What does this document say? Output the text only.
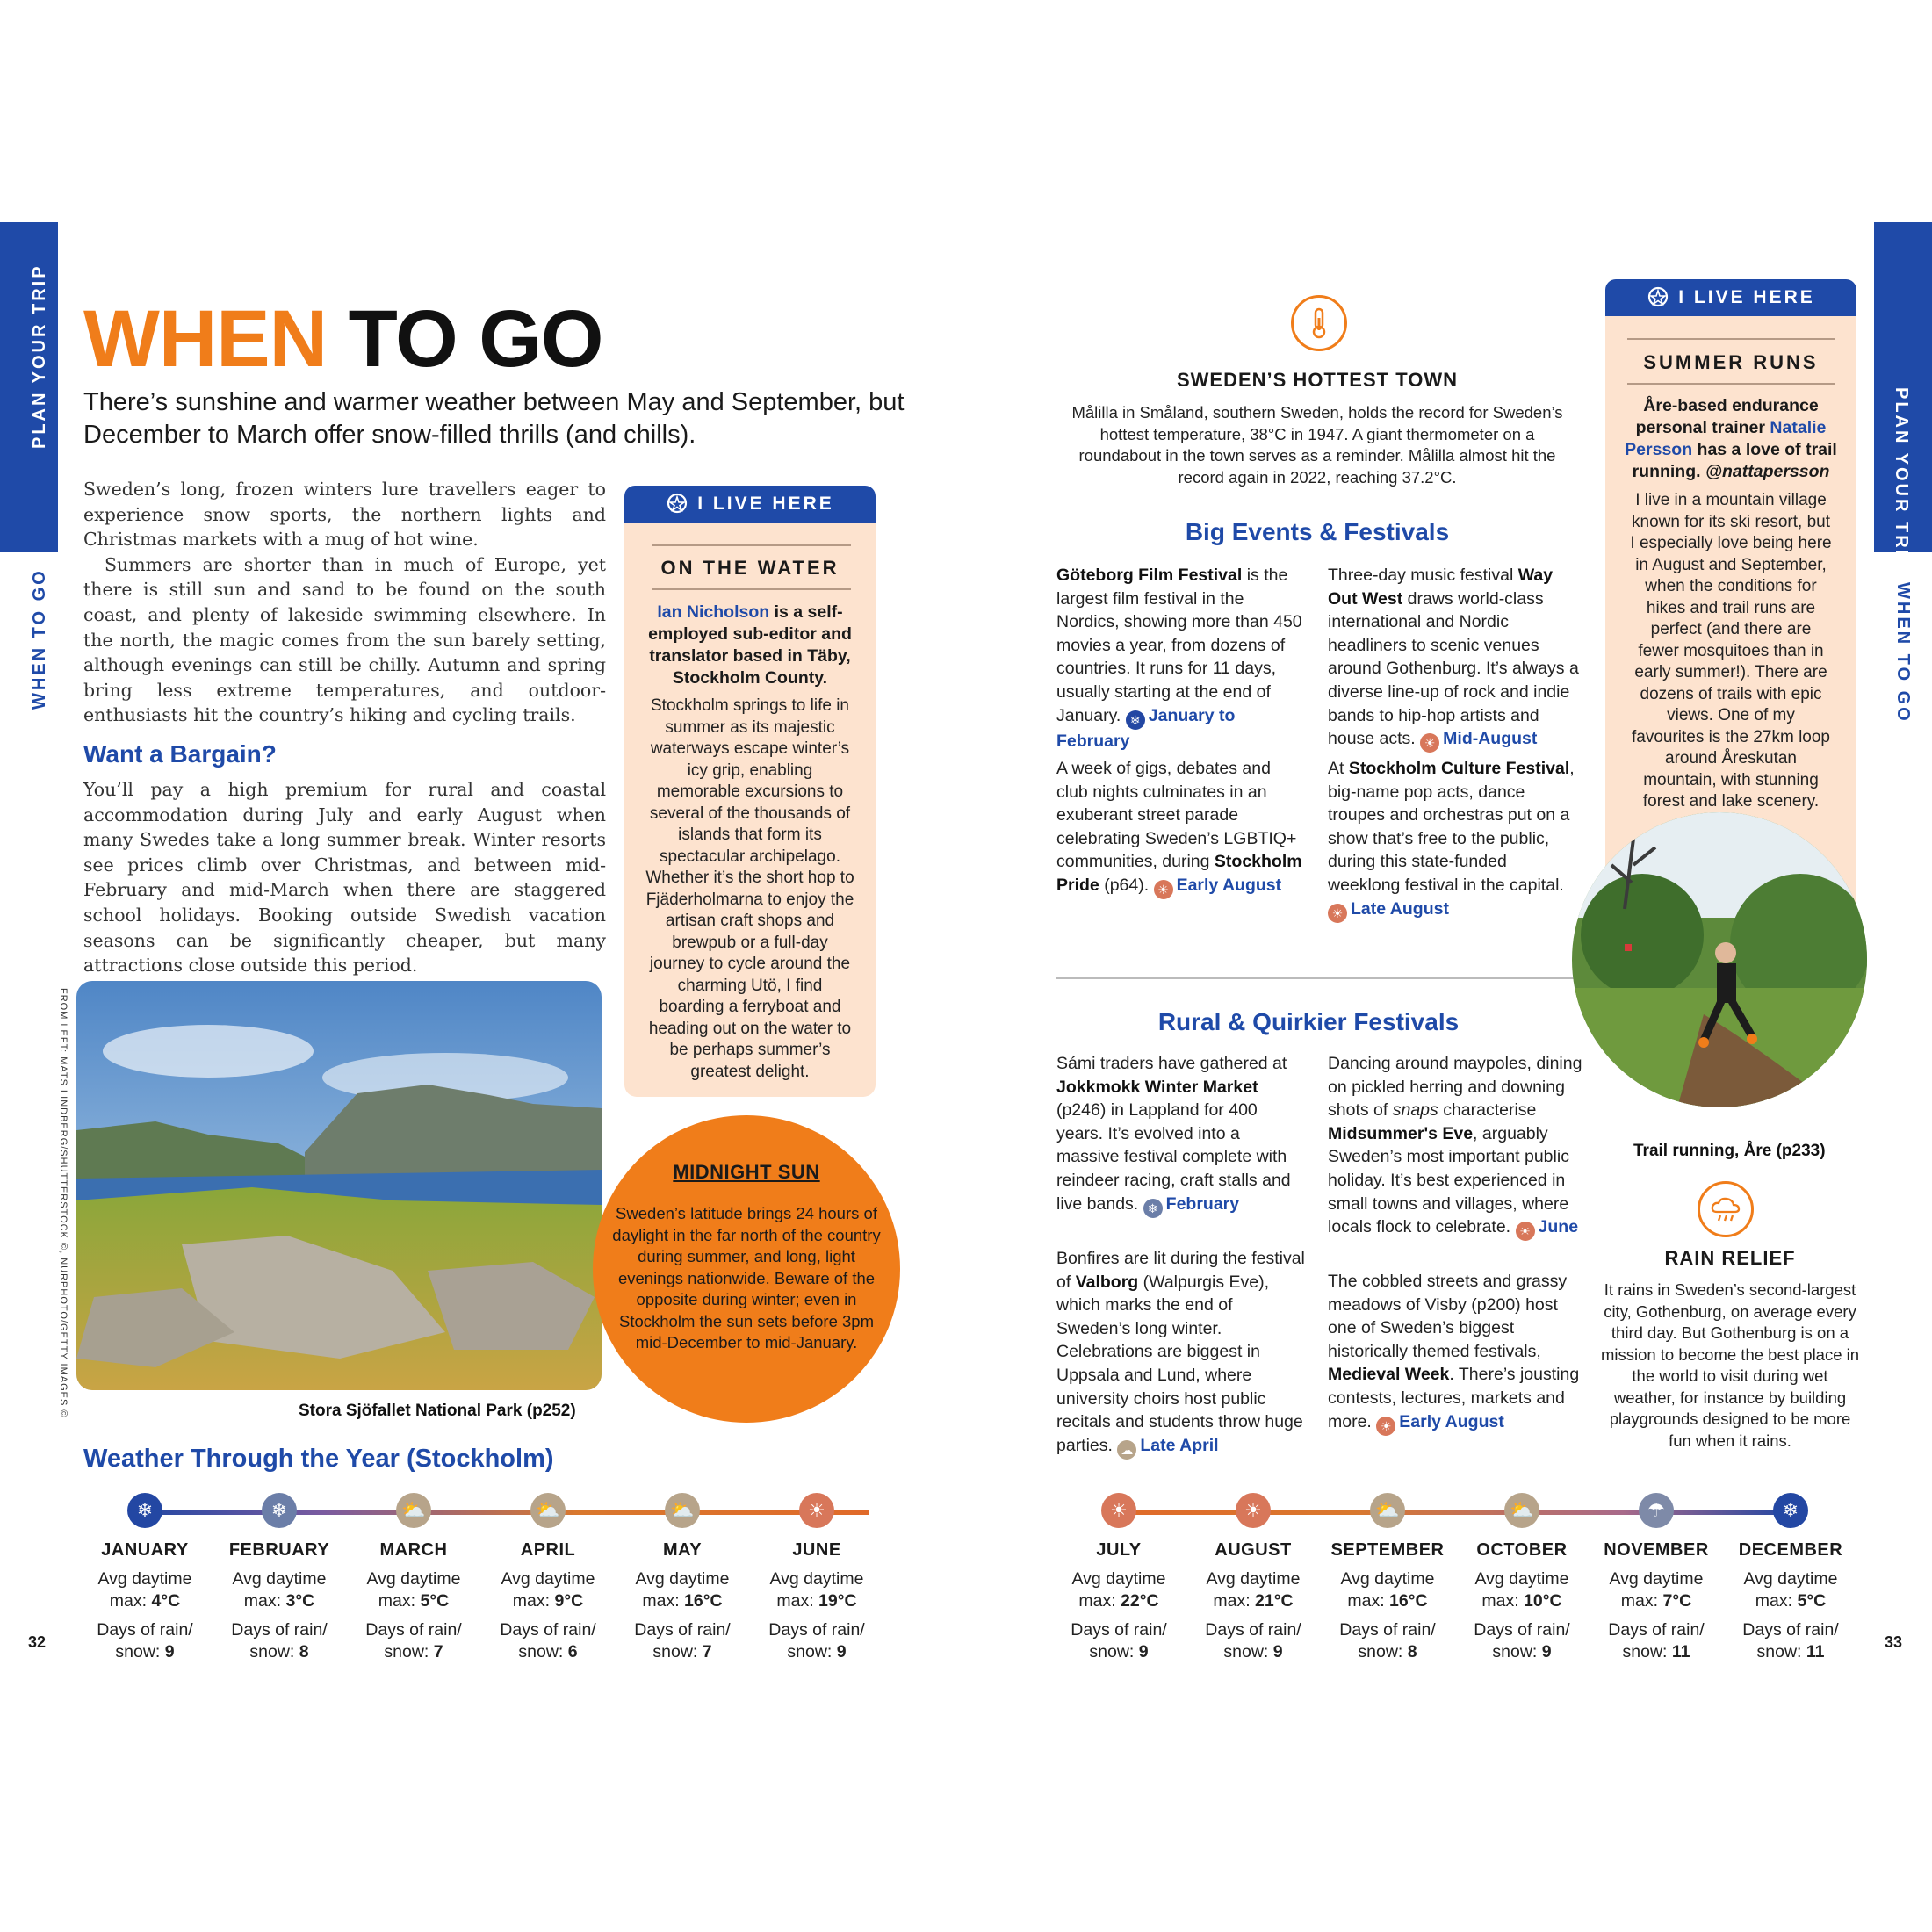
PLAN YOUR TRIP
WHEN TO GO
PLAN YOUR TRIP
WHEN TO GO
WHEN TO GO
There’s sunshine and warmer weather between May and September, but December to March offer snow-filled thrills (and chills).
Sweden’s long, frozen winters lure travellers eager to experience snow sports, the northern lights and Christmas markets with a mug of hot wine.
Summers are shorter than in much of Europe, yet there is still sun and sand to be found on the south coast, and plenty of lakeside swimming elsewhere. In the north, the magic comes from the sun barely setting, although evenings can still be chilly. Autumn and spring bring less extreme temperatures, and outdoor-enthusiasts hit the country’s hiking and cycling trails.
Want a Bargain?
You’ll pay a high premium for rural and coastal accommodation during July and early August when many Swedes take a long summer break. Winter resorts see prices climb over Christmas, and between mid-February and mid-March when there are staggered school holidays. Booking outside Swedish vacation seasons can be significantly cheaper, but many attractions close outside this period.
I LIVE HERE
ON THE WATER
Ian Nicholson is a self-employed sub-editor and translator based in Täby, Stockholm County.
Stockholm springs to life in summer as its majestic waterways escape winter’s icy grip, enabling memorable excursions to several of the thousands of islands that form its spectacular archipelago. Whether it’s the short hop to Fjäderholmarna to enjoy the artisan craft shops and brewpub or a full-day journey to cycle around the charming Utö, I find boarding a ferryboat and heading out on the water to be perhaps summer’s greatest delight.
Stora Sjöfallet National Park (p252)
FROM LEFT: MATS LINDBERG/SHUTTERSTOCK ©, NURPHOTO/GETTY IMAGES ©	MIDNIGHT SUN
Sweden’s latitude brings 24 hours of daylight in the far north of the country during summer, and long, light evenings nationwide. Beware of the opposite during winter; even in Stockholm the sun sets before 3pm mid-December to mid-January.
SWEDEN’S HOTTEST TOWN
Målilla in Småland, southern Sweden, holds the record for Sweden’s hottest temperature, 38°C in 1947. A giant thermometer on a roundabout in the town serves as a reminder. Målilla almost hit the record again in 2022, reaching 37.2°C.
Big Events & Festivals
Göteborg Film Festival is the largest film festival in the Nordics, showing more than 450 movies a year, from dozens of countries. It runs for 11 days, usually starting at the end of January. ❄ January to February
A week of gigs, debates and club nights culminates in an exuberant street parade celebrating Sweden’s LGBTIQ+ communities, during Stockholm Pride (p64). ☀ Early August
Three-day music festival Way Out West draws world-class international and Nordic headliners to scenic venues around Gothenburg. It’s always a diverse line-up of rock and indie bands to hip-hop artists and house acts. ☀ Mid-August
At Stockholm Culture Festival, big-name pop acts, dance troupes and orchestras put on a show that’s free to the public, during this state-funded weeklong festival in the capital. ☀ Late August
Rural & Quirkier Festivals
Sámi traders have gathered at Jokkmokk Winter Market (p246) in Lappland for 400 years. It’s evolved into a massive festival complete with reindeer racing, craft stalls and live bands. ❄ February
Bonfires are lit during the festival of Valborg (Walpurgis Eve), which marks the end of Sweden’s long winter. Celebrations are biggest in Uppsala and Lund, where university choirs host public recitals and students throw huge parties. ☁ Late April
Dancing around maypoles, dining on pickled herring and downing shots of snaps characterise Midsummer's Eve, arguably Sweden’s most important public holiday. It’s best experienced in small towns and villages, where locals flock to celebrate. ☀ June
The cobbled streets and grassy meadows of Visby (p200) host one of Sweden’s biggest historically themed festivals, Medieval Week. There’s jousting contests, lectures, markets and more. ☀ Early August
I LIVE HERE
SUMMER RUNS
Åre-based endurance personal trainer Natalie Persson has a love of trail running. @nattapersson
I live in a mountain village known for its ski resort, but I especially love being here in August and September, when the conditions for hikes and trail runs are perfect (and there are fewer mosquitoes than in early summer!). There are dozens of trails with epic views. One of my favourites is the 27km loop around Åreskutan mountain, with stunning forest and lake scenery.
Trail running, Åre (p233)
RAIN RELIEF
It rains in Sweden’s second-largest city, Gothenburg, on average every third day. But Gothenburg is on a mission to become the best place in the world to visit during wet weather, for instance by building playgrounds designed to be more fun when it rains.
Weather Through the Year (Stockholm)
❄
JANUARY
Avg daytime
max: 4°C
Days of rain/
snow: 9
❄
FEBRUARY
Avg daytime
max: 3°C
Days of rain/
snow: 8
⛅
MARCH
Avg daytime
max: 5°C
Days of rain/
snow: 7
⛅
APRIL
Avg daytime
max: 9°C
Days of rain/
snow: 6
⛅
MAY
Avg daytime
max: 16°C
Days of rain/
snow: 7
☀
JUNE
Avg daytime
max: 19°C
Days of rain/
snow: 9
☀
JULY
Avg daytime
max: 22°C
Days of rain/
snow: 9
☀
AUGUST
Avg daytime
max: 21°C
Days of rain/
snow: 9
⛅
SEPTEMBER
Avg daytime
max: 16°C
Days of rain/
snow: 8
⛅
OCTOBER
Avg daytime
max: 10°C
Days of rain/
snow: 9
☂
NOVEMBER
Avg daytime
max: 7°C
Days of rain/
snow: 11
❄
DECEMBER
Avg daytime
max: 5°C
Days of rain/
snow: 11
32	33
